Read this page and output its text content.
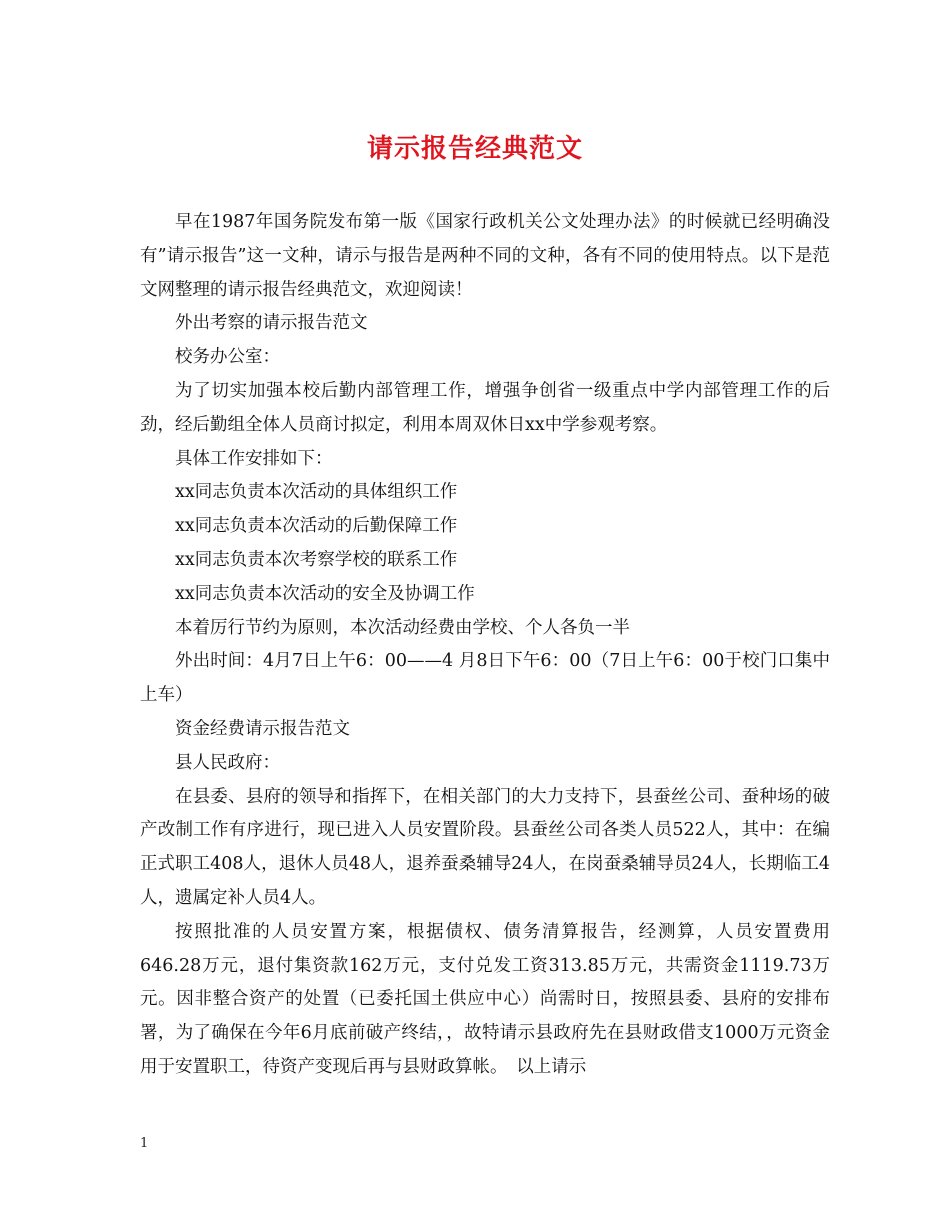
请示报告经典范文

早在1987年国务院发布第一版《国家行政机关公文处理办法》的时候就已经明确没有”请示报告”这一文种，请示与报告是两种不同的文种，各有不同的使用特点。以下是范文网整理的请示报告经典范文，欢迎阅读！

外出考察的请示报告范文

校务办公室：

为了切实加强本校后勤内部管理工作，增强争创省一级重点中学内部管理工作的后劲，经后勤组全体人员商讨拟定，利用本周双休日xx中学参观考察。

具体工作安排如下：

xx同志负责本次活动的具体组织工作

xx同志负责本次活动的后勤保障工作

xx同志负责本次考察学校的联系工作

xx同志负责本次活动的安全及协调工作

本着厉行节约为原则，本次活动经费由学校、个人各负一半

外出时间：4月7日上午6：00——4 月8日下午6：00（7日上午6：00于校门口集中上车）

资金经费请示报告范文

县人民政府：

在县委、县府的领导和指挥下，在相关部门的大力支持下，县蚕丝公司、蚕种场的破产改制工作有序进行，现已进入人员安置阶段。县蚕丝公司各类人员522人，其中：在编正式职工408人，退休人员48人，退养蚕桑辅导24人，在岗蚕桑辅导员24人，长期临工4人，遗属定补人员4人。

按照批准的人员安置方案，根据债权、债务清算报告，经测算，人员安置费用646.28万元，退付集资款162万元，支付兑发工资313.85万元，共需资金1119.73万元。因非整合资产的处置（已委托国土供应中心）尚需时日，按照县委、县府的安排布署，为了确保在今年6月底前破产终结，，故特请示县政府先在县财政借支1000万元资金用于安置职工，待资产变现后再与县财政算帐。　以上请示

1
